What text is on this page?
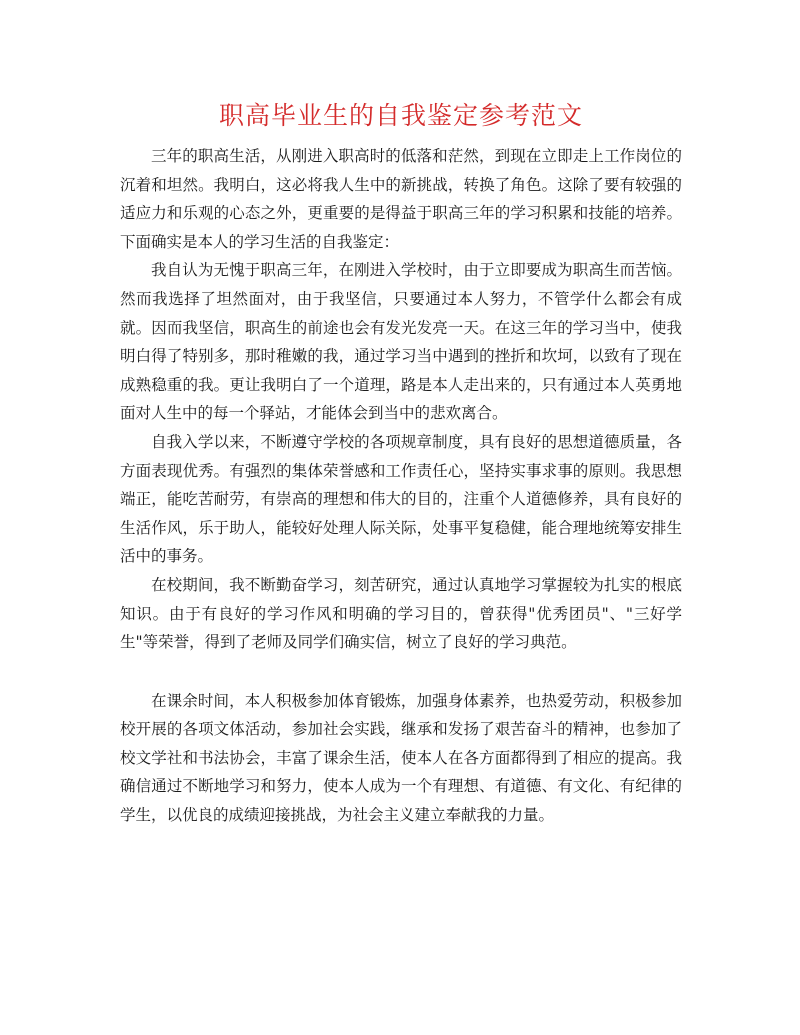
职高毕业生的自我鉴定参考范文

三年的职高生活，从刚进入职高时的低落和茫然，到现在立即走上工作岗位的沉着和坦然。我明白，这必将我人生中的新挑战，转换了角色。这除了要有较强的适应力和乐观的心态之外，更重要的是得益于职高三年的学习积累和技能的培养。下面确实是本人的学习生活的自我鉴定：

我自认为无愧于职高三年，在刚进入学校时，由于立即要成为职高生而苦恼。然而我选择了坦然面对，由于我坚信，只要通过本人努力，不管学什么都会有成就。因而我坚信，职高生的前途也会有发光发亮一天。在这三年的学习当中，使我明白得了特别多，那时稚嫩的我，通过学习当中遇到的挫折和坎坷，以致有了现在成熟稳重的我。更让我明白了一个道理，路是本人走出来的，只有通过本人英勇地面对人生中的每一个驿站，才能体会到当中的悲欢离合。

自我入学以来，不断遵守学校的各项规章制度，具有良好的思想道德质量，各方面表现优秀。有强烈的集体荣誉感和工作责任心，坚持实事求事的原则。我思想端正，能吃苦耐劳，有崇高的理想和伟大的目的，注重个人道德修养，具有良好的生活作风，乐于助人，能较好处理人际关际，处事平复稳健，能合理地统筹安排生活中的事务。

在校期间，我不断勤奋学习，刻苦研究，通过认真地学习掌握较为扎实的根底知识。由于有良好的学习作风和明确的学习目的，曾获得"优秀团员"、"三好学生"等荣誉，得到了老师及同学们确实信，树立了良好的学习典范。

在课余时间，本人积极参加体育锻炼，加强身体素养，也热爱劳动，积极参加校开展的各项文体活动，参加社会实践，继承和发扬了艰苦奋斗的精神，也参加了校文学社和书法协会，丰富了课余生活，使本人在各方面都得到了相应的提高。我确信通过不断地学习和努力，使本人成为一个有理想、有道德、有文化、有纪律的学生，以优良的成绩迎接挑战，为社会主义建立奉献我的力量。
